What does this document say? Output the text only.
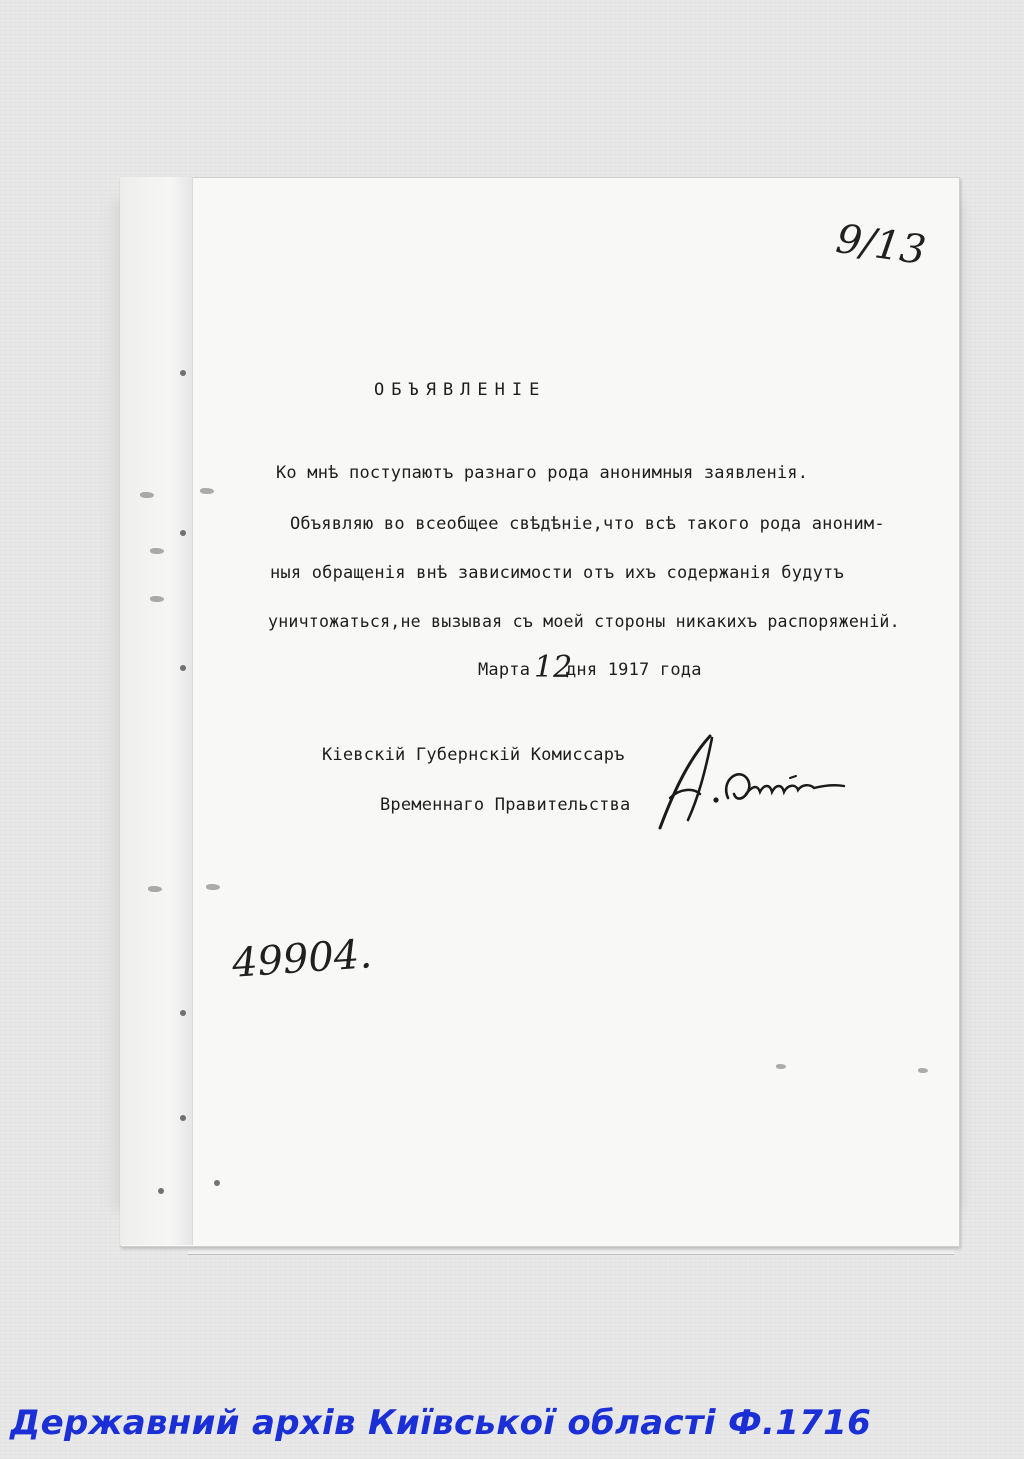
9/13
ОБЪЯВЛЕНIЕ
Ко мнѣ поступаютъ разнаго рода анонимныя заявленія.
Объявляю во всеобщее свѣдѣніе,что всѣ такого рода аноним-
ныя обращенія внѣ зависимости отъ ихъ содержанія будутъ
уничтожаться,не вызывая съ моей стороны никакихъ распоряженій.
Марта 12
дня 1917 года
Кіевскій Губернскій Комиссаръ
Временнаго Правительства
49904.
Державний архів Київської області Ф.1716
